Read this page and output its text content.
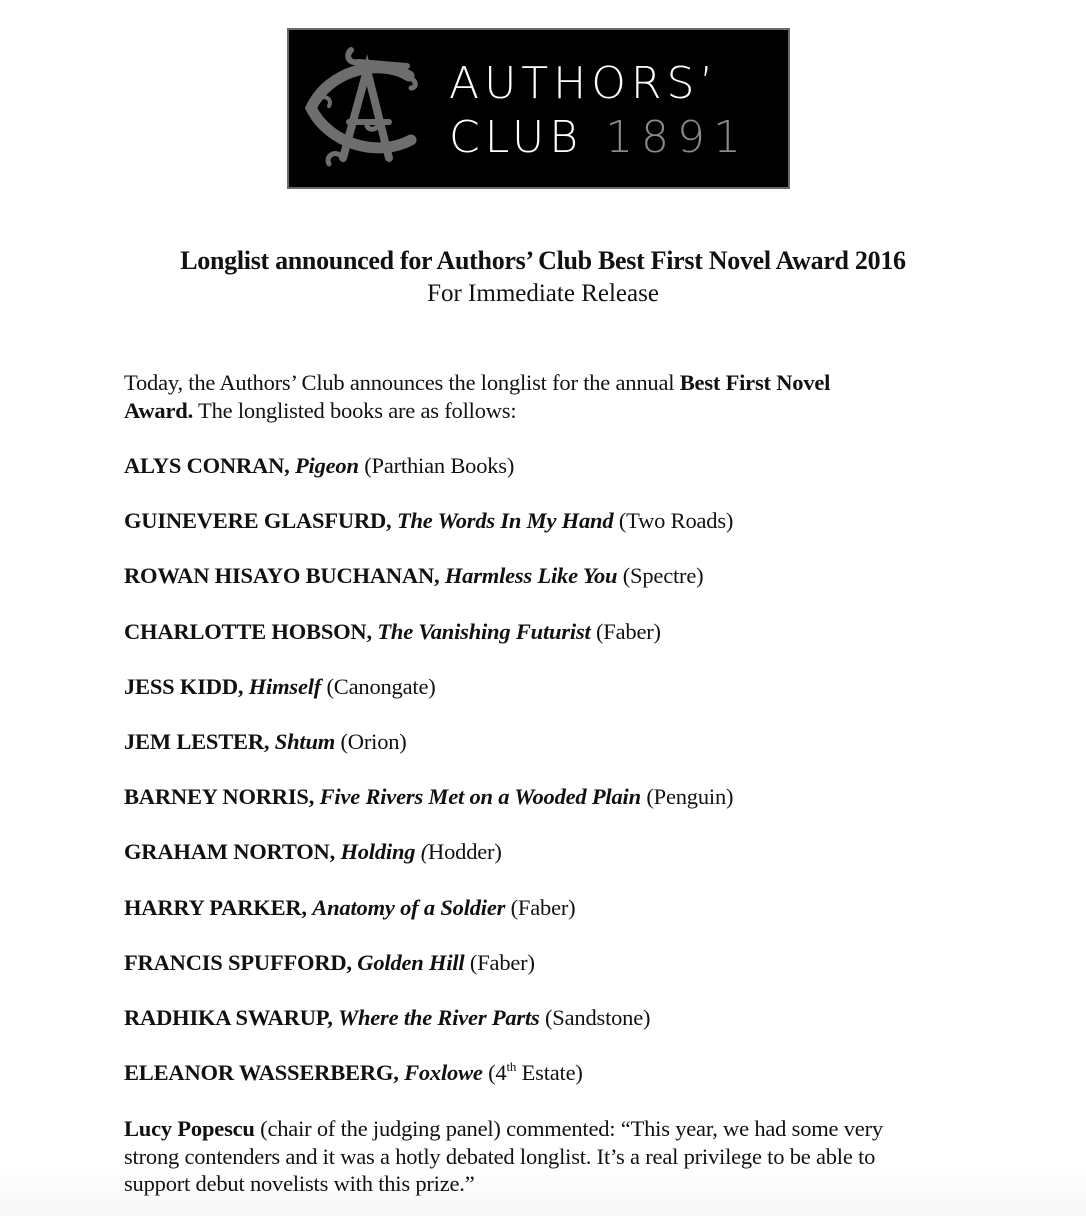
AUTHORS’
CLUB 1891
Longlist announced for Authors’ Club Best First Novel Award 2016
For Immediate Release
Today, the Authors’ Club announces the longlist for the annual Best First Novel
Award. The longlisted books are as follows:
ALYS CONRAN, Pigeon (Parthian Books)
GUINEVERE GLASFURD, The Words In My Hand (Two Roads)
ROWAN HISAYO BUCHANAN, Harmless Like You (Spectre)
CHARLOTTE HOBSON, The Vanishing Futurist (Faber)
JESS KIDD, Himself (Canongate)
JEM LESTER, Shtum (Orion)
BARNEY NORRIS, Five Rivers Met on a Wooded Plain (Penguin)
GRAHAM NORTON, Holding (Hodder)
HARRY PARKER, Anatomy of a Soldier (Faber)
FRANCIS SPUFFORD, Golden Hill (Faber)
RADHIKA SWARUP, Where the River Parts (Sandstone)
ELEANOR WASSERBERG, Foxlowe (4th Estate)
Lucy Popescu (chair of the judging panel) commented: “This year, we had some very
strong contenders and it was a hotly debated longlist. It’s a real privilege to be able to
support debut novelists with this prize.”
